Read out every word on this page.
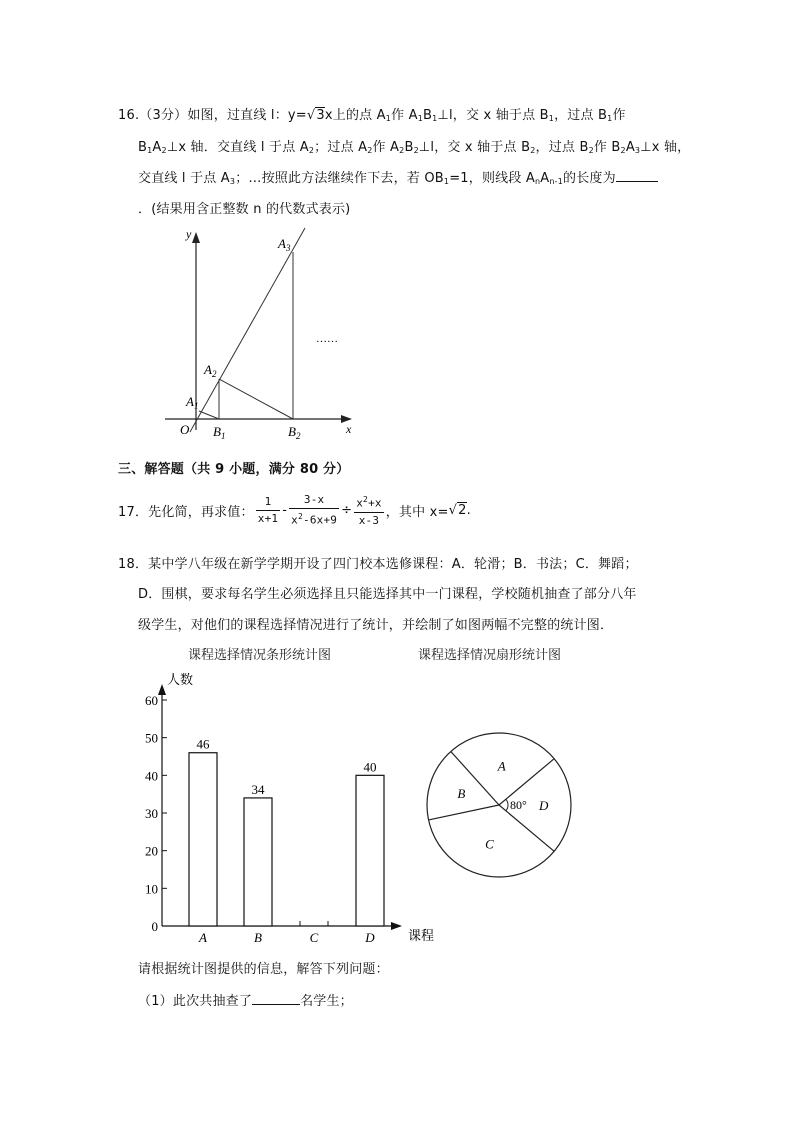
16.（3分）如图，过直线 l：y=√3x上的点 $A_1$作 $A_1B_1\perp l$，交 x 轴于点 $B_1$，过点 $B_1$作
$B_1A_2\perp x$ 轴．交直线 l 于点 $A_2$；过点 $A_2$作 $A_2B_2\perp l$，交 x 轴于点 $B_2$，过点 $B_2$作 $B_2A_3\perp x$ 轴，
交直线 l 于点 $A_3$；…按照此方法继续作下去，若 $OB_1=1$，则线段 $A_nA_{n-1}$的长度为
．(结果用含正整数 n 的代数式表示)
y
x
O
$A_1$
$A_2$
$A_3$
$B_1$	$B_2$
……
三、解答题（共 9 小题，满分 80 分）
17． 先化简，再求值： $\frac{1}{x+1} - \frac{3-x}{x^2-6x+9} \div \frac{x^2+x}{x-3}$ ，其中 x= √ 2 .
18．某中学八年级在新学学期开设了四门校本选修课程：A．轮滑；B．书法；C．舞蹈；
D．围棋，要求每名学生必须选择且只能选择其中一门课程，学校随机抽查了部分八年
级学生，对他们的课程选择情况进行了统计，并绘制了如图两幅不完整的统计图．
课程选择情况条形统计图	课程选择情况扇形统计图
0
10
20
30
40
50
60
A	B	C	D
46
34
40
人数
课程
D
A
B
C
80°
请根据统计图提供的信息，解答下列问题：
（1）此次共抽查了	名学生；
